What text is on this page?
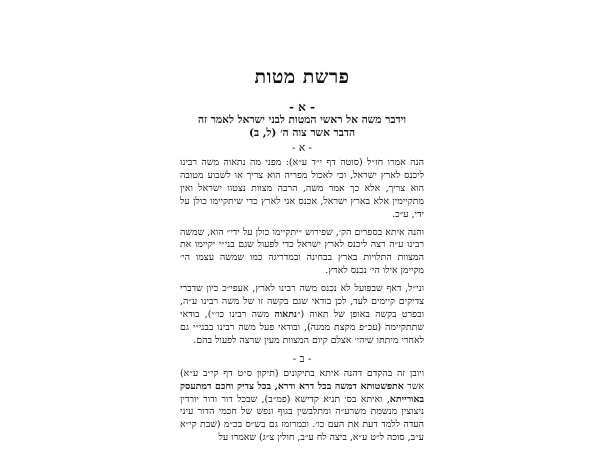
פרשת מטות
- א -
וידבר משה אל ראשי המטות לבני ישראל לאמר זה
הדבר אשר צוה ה׳ (ל, ב)
- א -

הנה אמרו חז״ל (סוטה דף י״ד ע״א): מפני מה נתאוה משה רבינו ליכנס לארץ ישראל, וכי לאכול מפריה הוא צריך או לשבוע מטובה הוא צריך, אלא כך אמר משה, הרבה מצוות נצטוו ישראל ואין מתקיימין אלא בארץ ישראל, אכנס אני לארץ כדי שיתקיימו כולן על ידי, ע״כ.

והנה איתא בספרים הק׳, שפירוש ״יתקיימו כולן על ידי״ הוא, שמשה רבינו ע״ה רצה ליכנס לארץ ישראל כדי לפעול שגם בני״י יקיימו את המצוות התלויות בארץ בבחינה ובמדריגה כמו שמשה עצמו הי׳ מקיימן אילו הי׳ נכנס לארץ.

וני״ל, דאף שבפועל לא נכנס משה רבינו לארץ, אעפי״כ כיון שדברי צדיקים קיימים לעד, לכן בודאי שגם בקשה זו של משה רבינו ע״ה, ובפרט בקשה באופן של תאוה (״נתאוה משה רבינו כו׳״), בודאי שתתקיימה (עכ״פ מקצת ממנה), ובודאי פעל משה רבינו בבני״י גם לאחרי מיתתו שיהי׳ אצלם קיום המצוות מעין שרצה לפעול בהם.

- ב -

ויובן זה בהקדם דהנה איתא בתיקונים (תיקון ס״ט דף קי״ב ע״א) אשר אתפשטותא דמשה בכל דרא ודרא, בכל צדיק וחכם דמתעסק באורייתא, ואיתא בס׳ תניא קדישא (פמ״ב), שבכל דור ודור יורדין ניצוצין מנשמת משרע״ה ומתלבשין בגוף ונפש של חכמי הדור עיני העדה ללמד דעת את העם כו׳. וכמרומז גם בש״ס בכ״מ (שבת קי״א ע״ב, סוכה ל״ט ע״א, ביצה לח ע״ב, חולין צ״ג) שאמרו על
